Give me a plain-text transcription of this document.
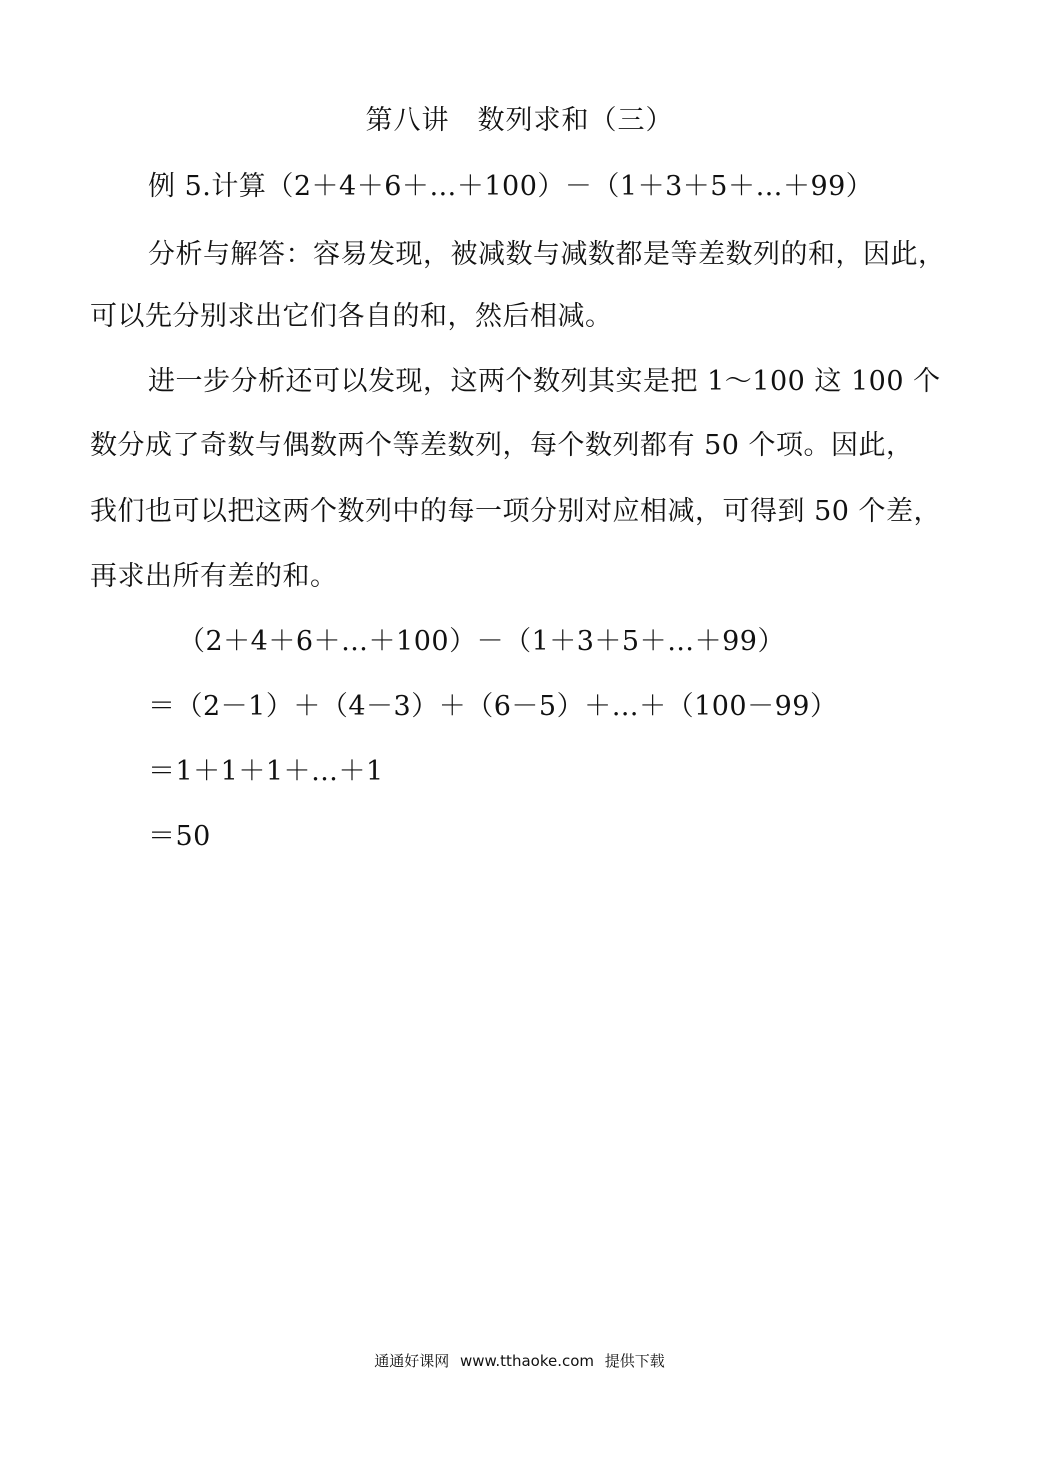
第八讲　数列求和（三）
例 5.计算（2＋4＋6＋…＋100）－（1＋3＋5＋…＋99）
分析与解答：容易发现，被减数与减数都是等差数列的和，因此，
可以先分别求出它们各自的和，然后相减。
进一步分析还可以发现，这两个数列其实是把 1～100 这 100 个
数分成了奇数与偶数两个等差数列，每个数列都有 50 个项。因此，
我们也可以把这两个数列中的每一项分别对应相减，可得到 50 个差，
再求出所有差的和。
（2＋4＋6＋…＋100）－（1＋3＋5＋…＋99）
＝（2－1）＋（4－3）＋（6－5）＋…＋（100－99）
＝1＋1＋1＋…＋1
＝50
通通好课网 www.tthaoke.com 提供下载
